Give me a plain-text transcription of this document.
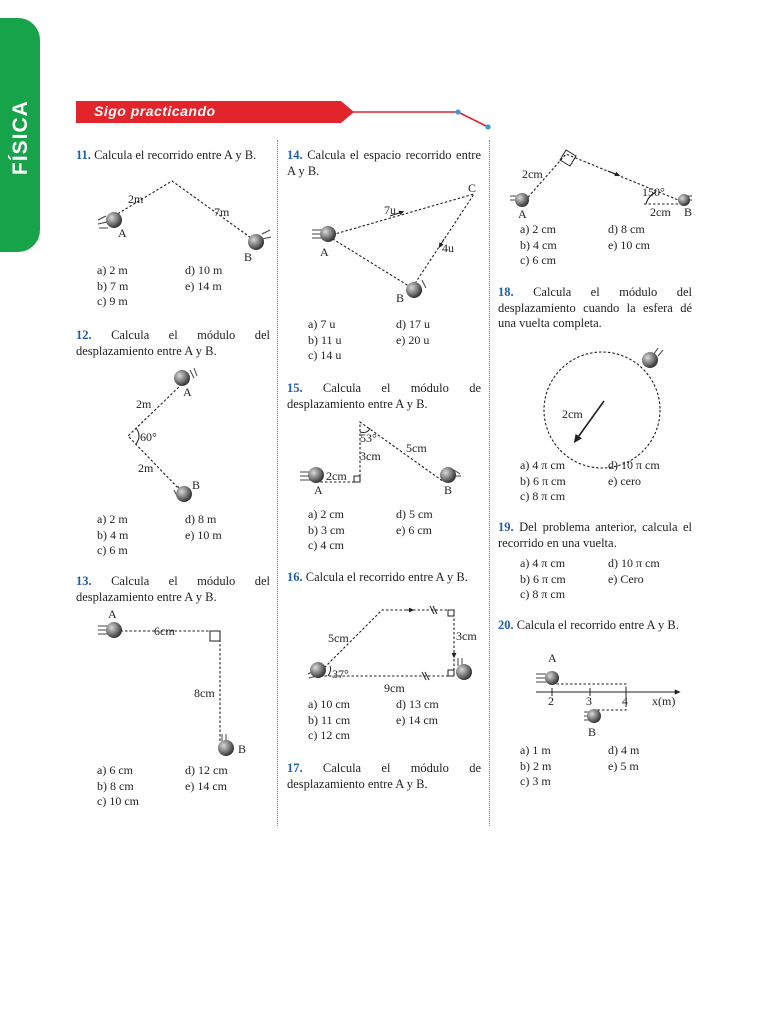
FÍSICA	Sigo practicando
11. Calcula el recorrido entre A y B.
2m
7m
A
B
a) 2 m	d) 10 m
b) 7 m	e) 14 m
c) 9 m
12. Calcula el módulo del desplazamiento entre A y B.
A
2m
60°
2m
B
a) 2 m	d) 8 m
b) 4 m	e) 10 m
c) 6 m
13. Calcula el módulo del desplazamiento entre A y B.
A
6cm
8cm
B
a) 6 cm	d) 12 cm
b) 8 cm	e) 14 cm
c) 10 cm
14. Calcula el espacio recorrido entre A y B.
C
7u
4u
A
B
a) 7 u	d) 17 u
b) 11 u	e) 20 u
c) 14 u
15. Calcula el módulo de desplazamiento entre A y B.
2cm
3cm
5cm
53°
A	B
a) 2 cm	d) 5 cm
b) 3 cm	e) 6 cm
c) 4 cm
16. Calcula el recorrido entre A y B.
5cm	3cm
37°
9cm
a) 10 cm	d) 13 cm
b) 11 cm	e) 14 cm
c) 12 cm
17. Calcula el módulo de desplazamiento entre A y B.
2cm
150°
2cm
A	B
a) 2 cm	d) 8 cm
b) 4 cm	e) 10 cm
c) 6 cm
18. Calcula el módulo del desplazamiento cuando la esfera dé una vuelta completa.
2cm
a) 4 π cm	d) 10 π cm
b) 6 π cm	e) cero
c) 8 π cm
19. Del problema anterior, calcula el recorrido en una vuelta.
a) 4 π cm	d) 10 π cm
b) 6 π cm	e) Cero
c) 8 π cm
20. Calcula el recorrido entre A y B.
A
2	3	4 x(m)
B
a) 1 m	d) 4 m
b) 2 m	e) 5 m
c) 3 m
